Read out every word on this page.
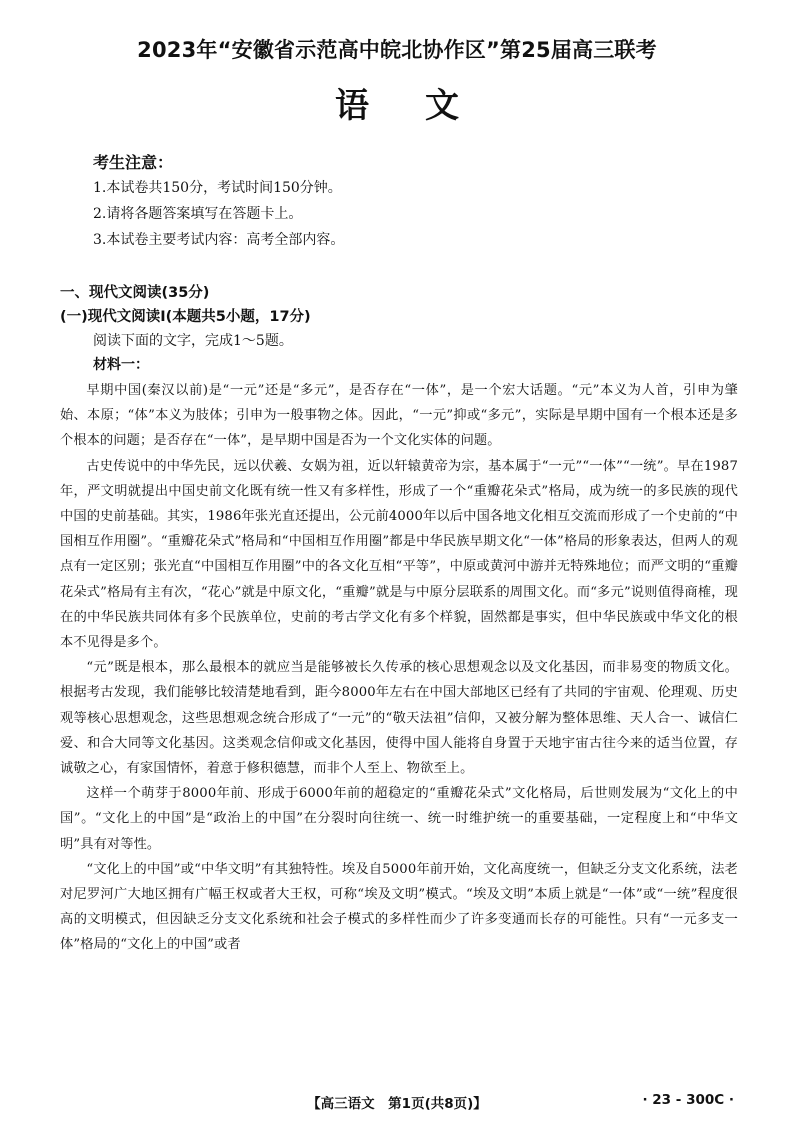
2023年“安徽省示范高中皖北协作区”第25届高三联考
语文
考生注意：
1.本试卷共150分，考试时间150分钟。
2.请将各题答案填写在答题卡上。
3.本试卷主要考试内容：高考全部内容。
一、现代文阅读(35分)
(一)现代文阅读Ⅰ(本题共5小题，17分)
阅读下面的文字，完成1～5题。
材料一：

早期中国(秦汉以前)是“一元”还是“多元”，是否存在“一体”，是一个宏大话题。“元”本义为人首，引申为肇始、本原；“体”本义为肢体；引申为一般事物之体。因此，“一元”抑或“多元”，实际是早期中国有一个根本还是多个根本的问题；是否存在“一体”，是早期中国是否为一个文化实体的问题。

古史传说中的中华先民，远以伏羲、女娲为祖，近以轩辕黄帝为宗，基本属于“一元”“一体”“一统”。早在1987年，严文明就提出中国史前文化既有统一性又有多样性，形成了一个“重瓣花朵式”格局，成为统一的多民族的现代中国的史前基础。其实，1986年张光直还提出，公元前4000年以后中国各地文化相互交流而形成了一个史前的“中国相互作用圈”。“重瓣花朵式”格局和“中国相互作用圈”都是中华民族早期文化“一体”格局的形象表达，但两人的观点有一定区别；张光直“中国相互作用圈”中的各文化互相“平等”，中原或黄河中游并无特殊地位；而严文明的“重瓣花朵式”格局有主有次，“花心”就是中原文化，“重瓣”就是与中原分层联系的周围文化。而“多元”说则值得商榷，现在的中华民族共同体有多个民族单位，史前的考古学文化有多个样貌，固然都是事实，但中华民族或中华文化的根本不见得是多个。

“元”既是根本，那么最根本的就应当是能够被长久传承的核心思想观念以及文化基因，而非易变的物质文化。根据考古发现，我们能够比较清楚地看到，距今8000年左右在中国大部地区已经有了共同的宇宙观、伦理观、历史观等核心思想观念，这些思想观念统合形成了“一元”的“敬天法祖”信仰，又被分解为整体思维、天人合一、诚信仁爱、和合大同等文化基因。这类观念信仰或文化基因，使得中国人能将自身置于天地宇宙古往今来的适当位置，存诚敬之心，有家国情怀，着意于修积德慧，而非个人至上、物欲至上。

这样一个萌芽于8000年前、形成于6000年前的超稳定的“重瓣花朵式”文化格局，后世则发展为“文化上的中国”。“文化上的中国”是“政治上的中国”在分裂时向往统一、统一时维护统一的重要基础，一定程度上和“中华文明”具有对等性。

“文化上的中国”或“中华文明”有其独特性。埃及自5000年前开始，文化高度统一，但缺乏分支文化系统，法老对尼罗河广大地区拥有广幅王权或者大王权，可称“埃及文明”模式。“埃及文明”本质上就是“一体”或“一统”程度很高的文明模式，但因缺乏分支文化系统和社会子模式的多样性而少了许多变通而长存的可能性。只有“一元多支一体”格局的“文化上的中国”或者

【高三语文　第1页(共8页)】	· 23 - 300C ·
